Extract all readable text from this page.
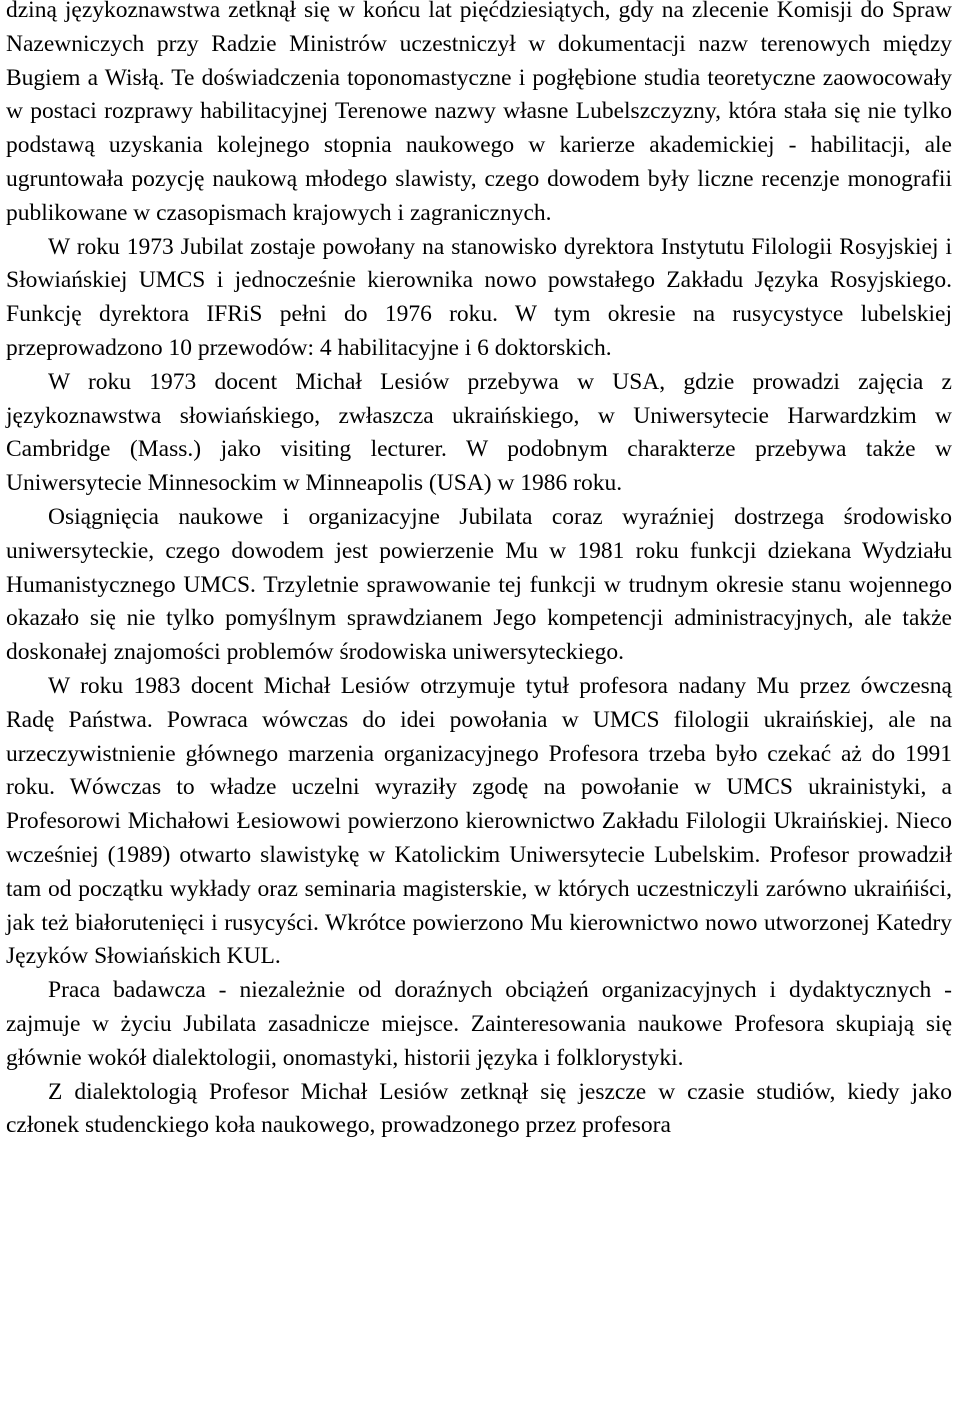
dziną językoznawstwa zetknął się w końcu lat pięćdziesiątych, gdy na zlecenie Komisji do Spraw Nazewniczych przy Radzie Ministrów uczestniczył w dokumentacji nazw terenowych między Bugiem a Wisłą. Te doświadczenia toponomastyczne i pogłębione studia teoretyczne zaowocowały w postaci rozprawy habilitacyjnej Terenowe nazwy własne Lubelszczyzny, która stała się nie tylko podstawą uzyskania kolejnego stopnia naukowego w karierze akademickiej - habilitacji, ale ugruntowała pozycję naukową młodego slawisty, czego dowodem były liczne recenzje monografii publikowane w czasopismach krajowych i zagranicznych.

W roku 1973 Jubilat zostaje powołany na stanowisko dyrektora Instytutu Filologii Rosyjskiej i Słowiańskiej UMCS i jednocześnie kierownika nowo powstałego Zakładu Języka Rosyjskiego. Funkcję dyrektora IFRiS pełni do 1976 roku. W tym okresie na rusycystyce lubelskiej przeprowadzono 10 przewodów: 4 habilitacyjne i 6 doktorskich.

W roku 1973 docent Michał Lesiów przebywa w USA, gdzie prowadzi zajęcia z językoznawstwa słowiańskiego, zwłaszcza ukraińskiego, w Uniwersytecie Harwardzkim w Cambridge (Mass.) jako visiting lecturer. W podobnym charakterze przebywa także w Uniwersytecie Minnesockim w Minneapolis (USA) w 1986 roku.

Osiągnięcia naukowe i organizacyjne Jubilata coraz wyraźniej dostrzega środowisko uniwersyteckie, czego dowodem jest powierzenie Mu w 1981 roku funkcji dziekana Wydziału Humanistycznego UMCS. Trzyletnie sprawowanie tej funkcji w trudnym okresie stanu wojennego okazało się nie tylko pomyślnym sprawdzianem Jego kompetencji administracyjnych, ale także doskonałej znajomości problemów środowiska uniwersyteckiego.

W roku 1983 docent Michał Lesiów otrzymuje tytuł profesora nadany Mu przez ówczesną Radę Państwa. Powraca wówczas do idei powołania w UMCS filologii ukraińskiej, ale na urzeczywistnienie głównego marzenia organizacyjnego Profesora trzeba było czekać aż do 1991 roku. Wówczas to władze uczelni wyraziły zgodę na powołanie w UMCS ukrainistyki, a Profesorowi Michałowi Łesiowowi powierzono kierownictwo Zakładu Filologii Ukraińskiej. Nieco wcześniej (1989) otwarto slawistykę w Katolickim Uniwersytecie Lubelskim. Profesor prowadził tam od początku wykłady oraz seminaria magisterskie, w których uczestniczyli zarówno ukraińiści, jak też białorutenięci i rusycyści. Wkrótce powierzono Mu kierownictwo nowo utworzonej Katedry Języków Słowiańskich KUL.

Praca badawcza - niezależnie od doraźnych obciążeń organizacyjnych i dydaktycznych - zajmuje w życiu Jubilata zasadnicze miejsce. Zainteresowania naukowe Profesora skupiają się głównie wokół dialektologii, onomastyki, historii języka i folklorystyki.

Z dialektologią Profesor Michał Lesiów zetknął się jeszcze w czasie studiów, kiedy jako członek studenckiego koła naukowego, prowadzonego przez profesora
